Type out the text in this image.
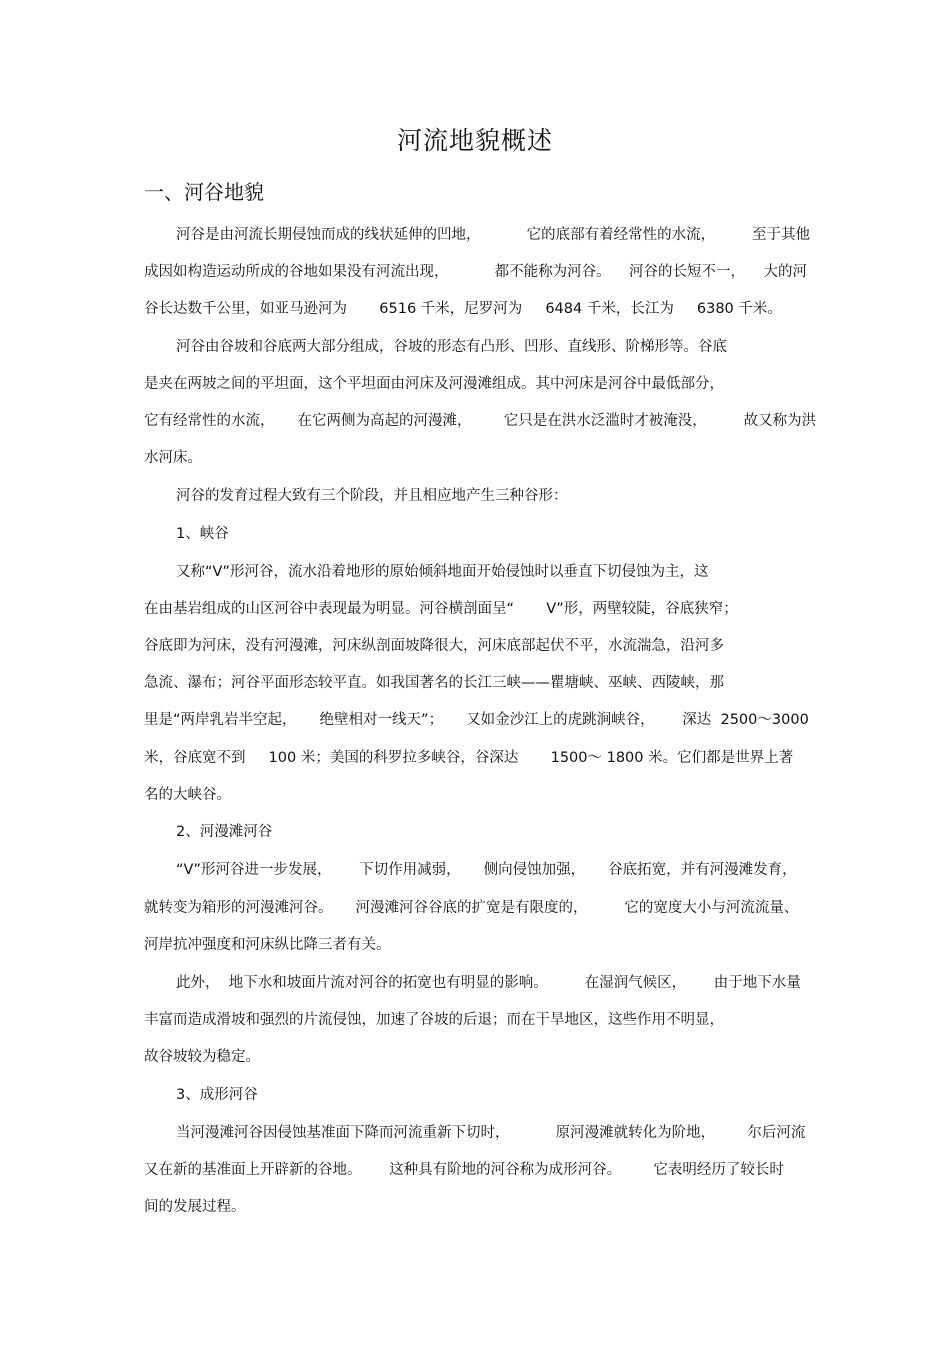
河流地貌概述
一、河谷地貌
河谷是由河流长期侵蚀而成的线状延伸的凹地，          它的底部有着经常性的水流，        至于其他
成因如构造运动所成的谷地如果没有河流出现，          都不能称为河谷。    河谷的长短不一，    大的河
谷长达数千公里，如亚马逊河为       6516 千米，尼罗河为     6484 千米，长江为     6380 千米。
河谷由谷坡和谷底两大部分组成，谷坡的形态有凸形、凹形、直线形、阶梯形等。谷底
是夹在两坡之间的平坦面，这个平坦面由河床及河漫滩组成。其中河床是河谷中最低部分，
它有经常性的水流，     在它两侧为高起的河漫滩，       它只是在洪水泛滥时才被淹没，        故又称为洪
水河床。
河谷的发育过程大致有三个阶段，并且相应地产生三种谷形：
1、峡谷
又称“V”形河谷，流水沿着地形的原始倾斜地面开始侵蚀时以垂直下切侵蚀为主，这
在由基岩组成的山区河谷中表现最为明显。河谷横剖面呈“       V”形，两壁较陡，谷底狭窄；
谷底即为河床，没有河漫滩，河床纵剖面坡降很大，河床底部起伏不平，水流湍急，沿河多
急流、瀑布；河谷平面形态较平直。如我国著名的长江三峡——瞿塘峡、巫峡、西陵峡，那
里是“两岸乳岩半空起，     绝壁相对一线天”；     又如金沙江上的虎跳涧峡谷，      深达  2500～3000
米，谷底宽不到     100 米；美国的科罗拉多峡谷，谷深达       1500～ 1800 米。它们都是世界上著
名的大峡谷。
2、河漫滩河谷
“V”形河谷进一步发展，      下切作用减弱，     侧向侵蚀加强，     谷底拓宽，并有河漫滩发育，
就转变为箱形的河漫滩河谷。     河漫滩河谷谷底的扩宽是有限度的，        它的宽度大小与河流流量、
河岸抗冲强度和河床纵比降三者有关。
此外，  地下水和坡面片流对河谷的拓宽也有明显的影响。        在湿润气候区，      由于地下水量
丰富而造成滑坡和强烈的片流侵蚀，加速了谷坡的后退；而在干旱地区，这些作用不明显，
故谷坡较为稳定。
3、成形河谷
当河漫滩河谷因侵蚀基准面下降而河流重新下切时，          原河漫滩就转化为阶地，       尔后河流
又在新的基准面上开辟新的谷地。      这种具有阶地的河谷称为成形河谷。       它表明经历了较长时
间的发展过程。
